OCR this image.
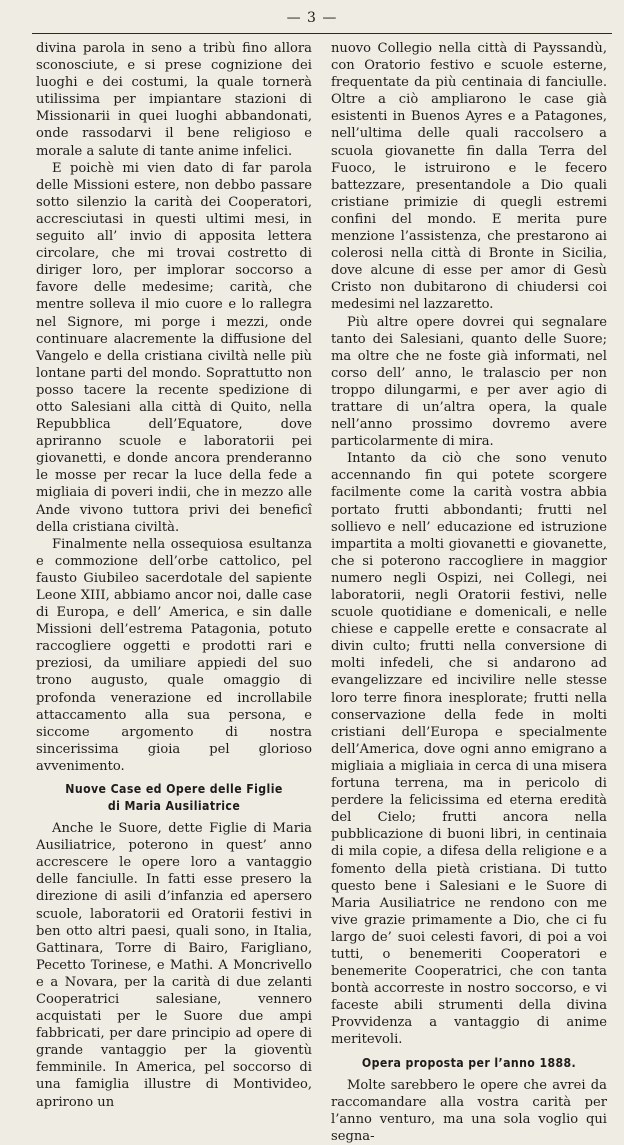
— 3 —

divina parola in seno a tribù fino allora sconosciute, e si prese cognizione dei luoghi e dei costumi, la quale tornerà utilissima per impiantare stazioni di Missionarii in quei luoghi abbandonati, onde rassodarvi il bene religioso e morale a salute di tante anime infelici.

E poichè mi vien dato di far parola delle Missioni estere, non debbo passare sotto silenzio la carità dei Cooperatori, accresciutasi in questi ultimi mesi, in seguito all’ invio di apposita lettera circolare, che mi trovai costretto di diriger loro, per implorar soccorso a favore delle medesime; carità, che mentre solleva il mio cuore e lo rallegra nel Signore, mi porge i mezzi, onde continuare alacremente la diffusione del Vangelo e della cristiana civiltà nelle più lontane parti del mondo. Soprattutto non posso tacere la recente spedizione di otto Salesiani alla città di Quito, nella Repubblica dell’Equatore, dove apriranno scuole e laboratorii pei giovanetti, e donde ancora prenderanno le mosse per recar la luce della fede a migliaia di poveri indii, che in mezzo alle Ande vivono tuttora privi dei beneficî della cristiana civiltà.

Finalmente nella ossequiosa esultanza e commozione dell’orbe cattolico, pel fausto Giubileo sacerdotale del sapiente Leone XIII, abbiamo ancor noi, dalle case di Europa, e dell’ America, e sin dalle Missioni dell’estrema Patagonia, potuto raccogliere oggetti e prodotti rari e preziosi, da umiliare appiedi del suo trono augusto, quale omaggio di profonda venerazione ed incrollabile attaccamento alla sua persona, e siccome argomento di nostra sincerissima gioia pel glorioso avvenimento.

Nuove Case ed Opere delle Figlie
di Maria Ausiliatrice

Anche le Suore, dette Figlie di Maria Ausiliatrice, poterono in quest’ anno accrescere le opere loro a vantaggio delle fanciulle. In fatti esse presero la direzione di asili d’infanzia ed apersero scuole, laboratorii ed Oratorii festivi in ben otto altri paesi, quali sono, in Italia, Gattinara, Torre di Bairo, Farigliano, Pecetto Torinese, e Mathi. A Moncrivello e a Novara, per la carità di due zelanti Cooperatrici salesiane, vennero acquistati per le Suore due ampi fabbricati, per dare principio ad opere di grande vantaggio per la gioventù femminile. In America, pel soccorso di una famiglia illustre di Montivideo, aprirono un

nuovo Collegio nella città di Payssandù, con Oratorio festivo e scuole esterne, frequentate da più centinaia di fanciulle. Oltre a ciò ampliarono le case già esistenti in Buenos Ayres e a Patagones, nell’ultima delle quali raccolsero a scuola giovanette fin dalla Terra del Fuoco, le istruirono e le fecero battezzare, presentandole a Dio quali cristiane primizie di quegli estremi confini del mondo. E merita pure menzione l’assistenza, che prestarono ai colerosi nella città di Bronte in Sicilia, dove alcune di esse per amor di Gesù Cristo non dubitarono di chiudersi coi medesimi nel lazzaretto.

Più altre opere dovrei qui segnalare tanto dei Salesiani, quanto delle Suore; ma oltre che ne foste già informati, nel corso dell’ anno, le tralascio per non troppo dilungarmi, e per aver agio di trattare di un’altra opera, la quale nell’anno prossimo dovremo avere particolarmente di mira.

Intanto da ciò che sono venuto accennando fin qui potete scorgere facilmente come la carità vostra abbia portato frutti abbondanti; frutti nel sollievo e nell’ educazione ed istruzione impartita a molti giovanetti e giovanette, che si poterono raccogliere in maggior numero negli Ospizi, nei Collegi, nei laboratorii, negli Oratorii festivi, nelle scuole quotidiane e domenicali, e nelle chiese e cappelle erette e consacrate al divin culto; frutti nella conversione di molti infedeli, che si andarono ad evangelizzare ed incivilire nelle stesse loro terre finora inesplorate; frutti nella conservazione della fede in molti cristiani dell’Europa e specialmente dell’America, dove ogni anno emigrano a migliaia a migliaia in cerca di una misera fortuna terrena, ma in pericolo di perdere la felicissima ed eterna eredità del Cielo; frutti ancora nella pubblicazione di buoni libri, in centinaia di mila copie, a difesa della religione e a fomento della pietà cristiana. Di tutto questo bene i Salesiani e le Suore di Maria Ausiliatrice ne rendono con me vive grazie primamente a Dio, che ci fu largo de’ suoi celesti favori, di poi a voi tutti, o benemeriti Cooperatori e benemerite Cooperatrici, che con tanta bontà accorreste in nostro soccorso, e vi faceste abili strumenti della divina Provvidenza a vantaggio di anime meritevoli.

Opera proposta per l’anno 1888.

Molte sarebbero le opere che avrei da raccomandare alla vostra carità per l’anno venturo, ma una sola voglio qui segna-
